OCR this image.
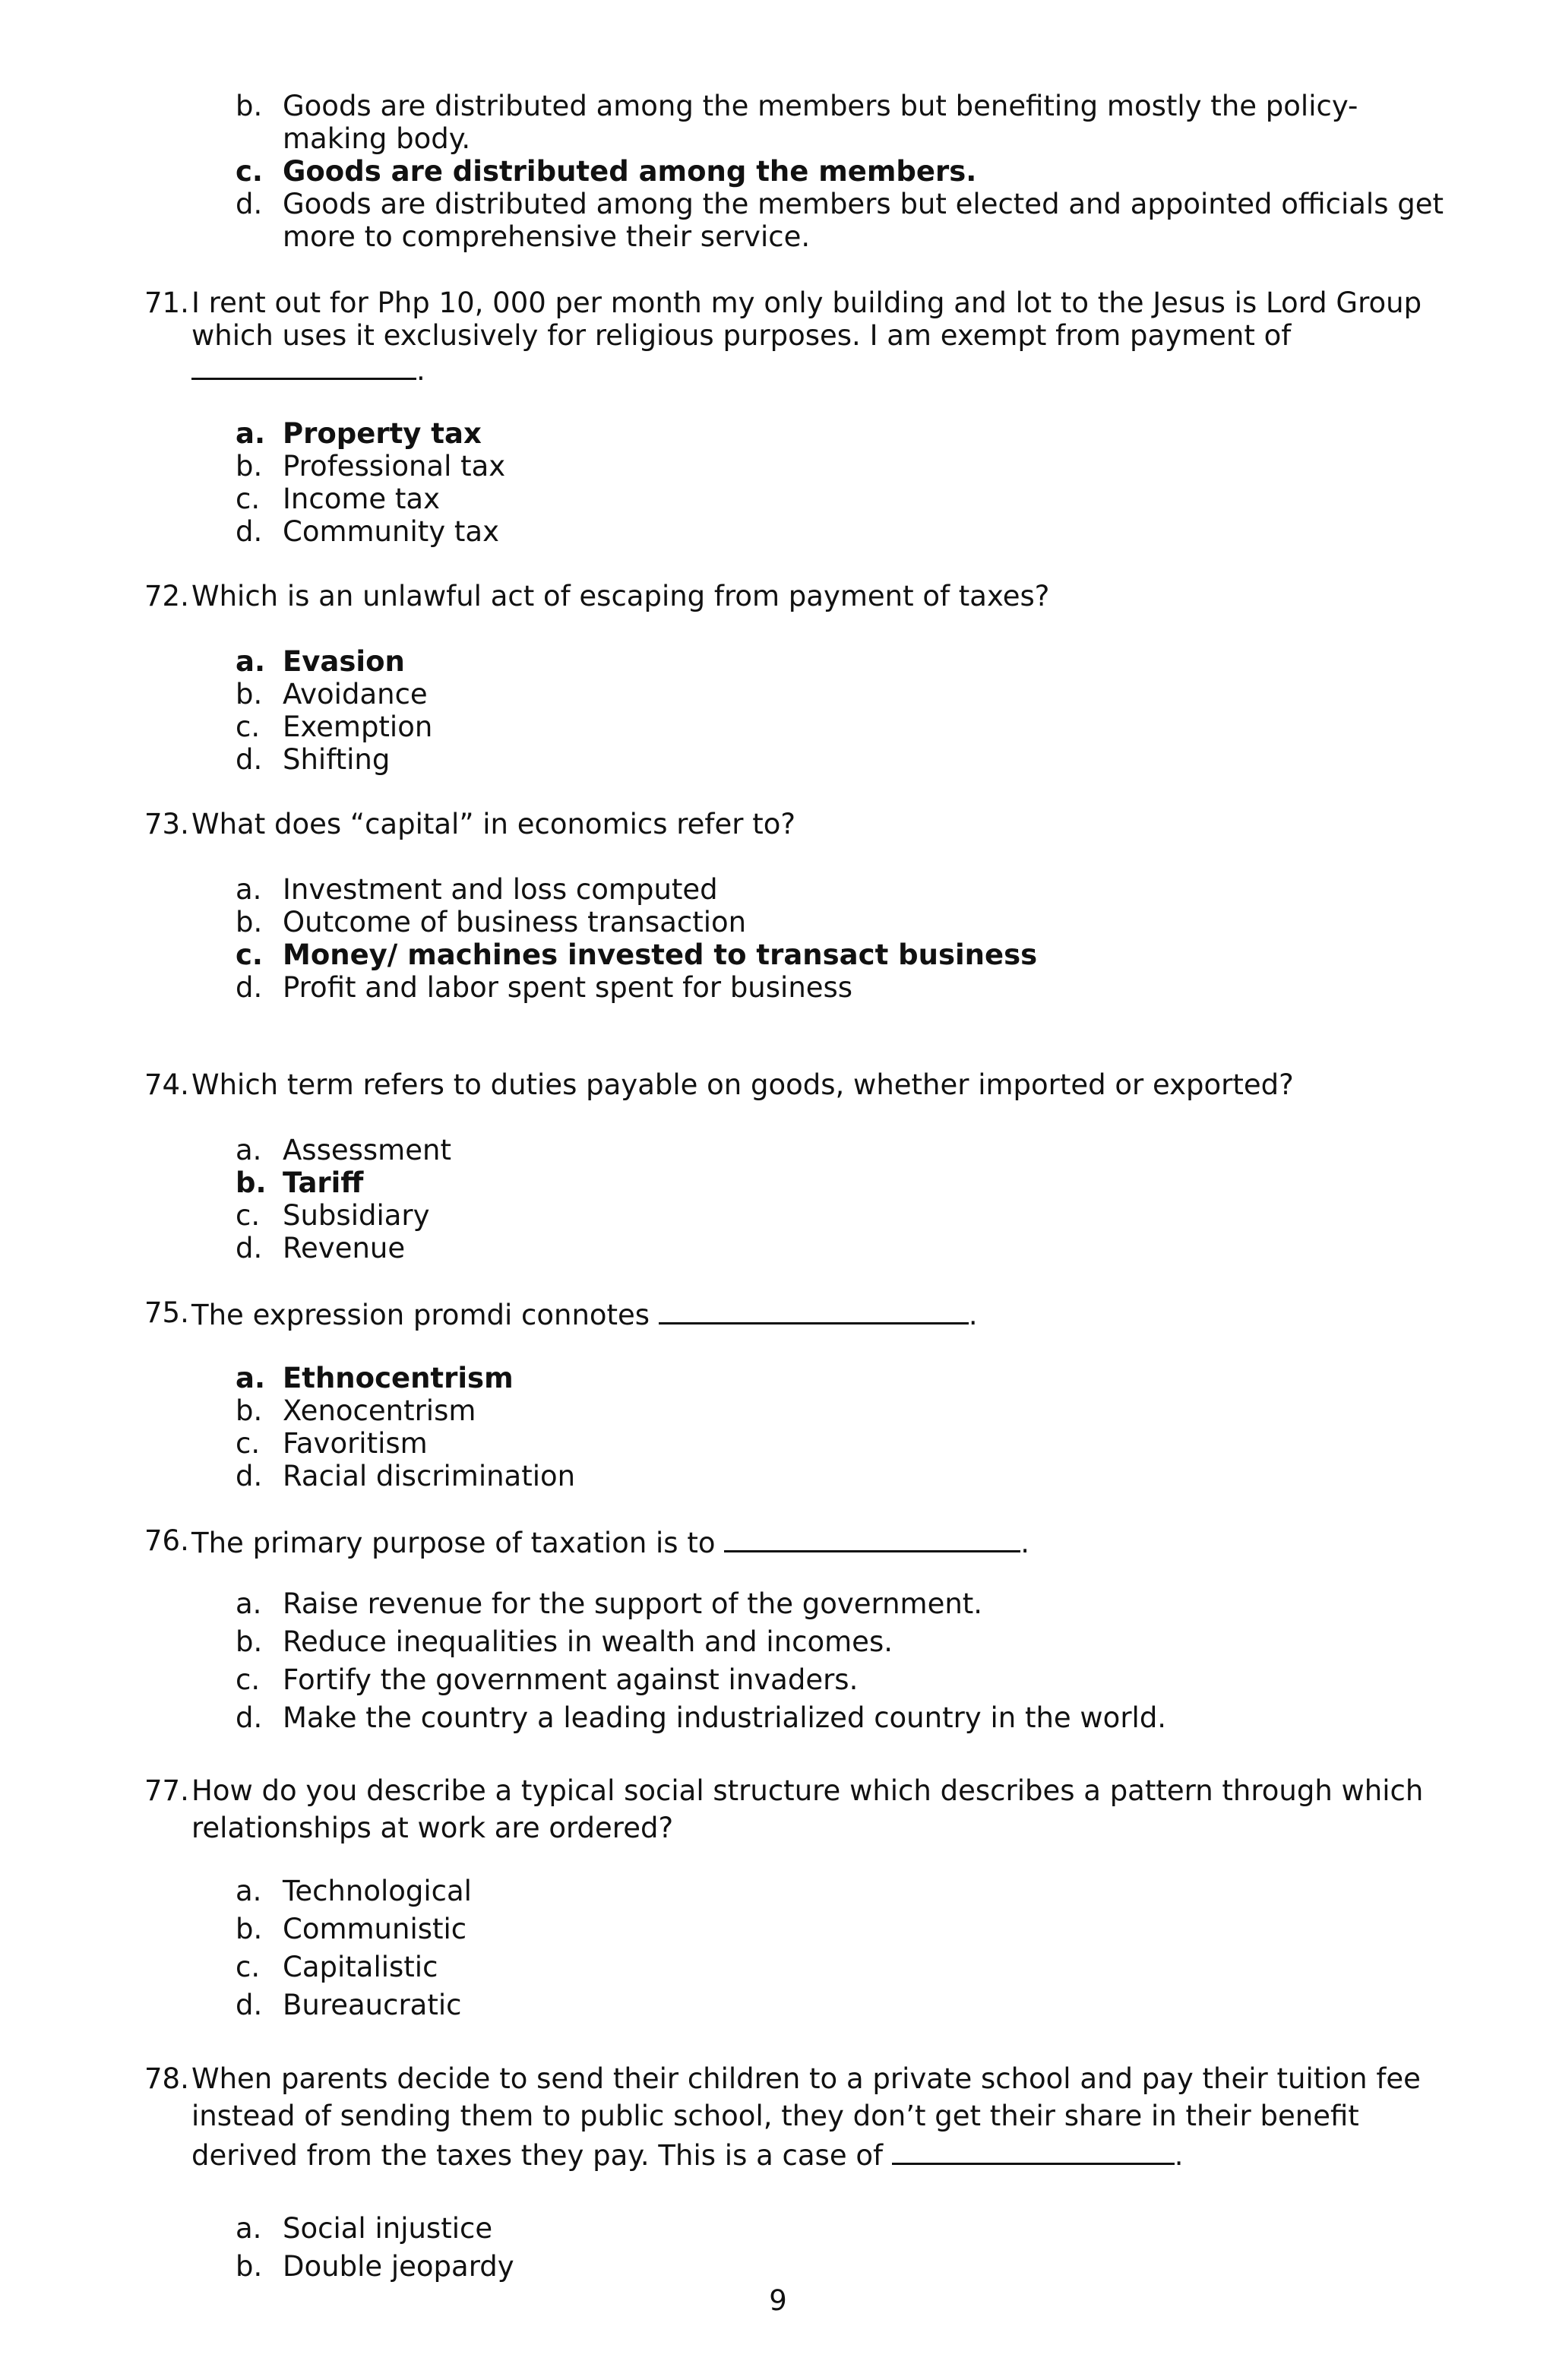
b. Goods are distributed among the members but benefiting mostly the policy-
making body.
c. Goods are distributed among the members.
d. Goods are distributed among the members but elected and appointed officials get
more to comprehensive their service.
71. I rent out for Php 10, 000 per month my only building and lot to the Jesus is Lord Group
which uses it exclusively for religious purposes. I am exempt from payment of
.
a. Property tax
b. Professional tax
c. Income tax
d. Community tax
72. Which is an unlawful act of escaping from payment of taxes?
a. Evasion
b. Avoidance
c. Exemption
d. Shifting
73. What does “capital” in economics refer to?
a. Investment and loss computed
b. Outcome of business transaction
c. Money/ machines invested to transact business
d. Profit and labor spent spent for business
74. Which term refers to duties payable on goods, whether imported or exported?
a. Assessment
b. Tariff
c. Subsidiary
d. Revenue
75. The expression promdi connotes	.
a. Ethnocentrism
b. Xenocentrism
c. Favoritism
d. Racial discrimination
76. The primary purpose of taxation is to	.
a. Raise revenue for the support of the government.
b. Reduce inequalities in wealth and incomes.
c. Fortify the government against invaders.
d. Make the country a leading industrialized country in the world.
77. How do you describe a typical social structure which describes a pattern through which
relationships at work are ordered?
a. Technological
b. Communistic
c. Capitalistic
d. Bureaucratic
78. When parents decide to send their children to a private school and pay their tuition fee
instead of sending them to public school, they don’t get their share in their benefit
derived from the taxes they pay. This is a case of	.
a. Social injustice
b. Double jeopardy
9
